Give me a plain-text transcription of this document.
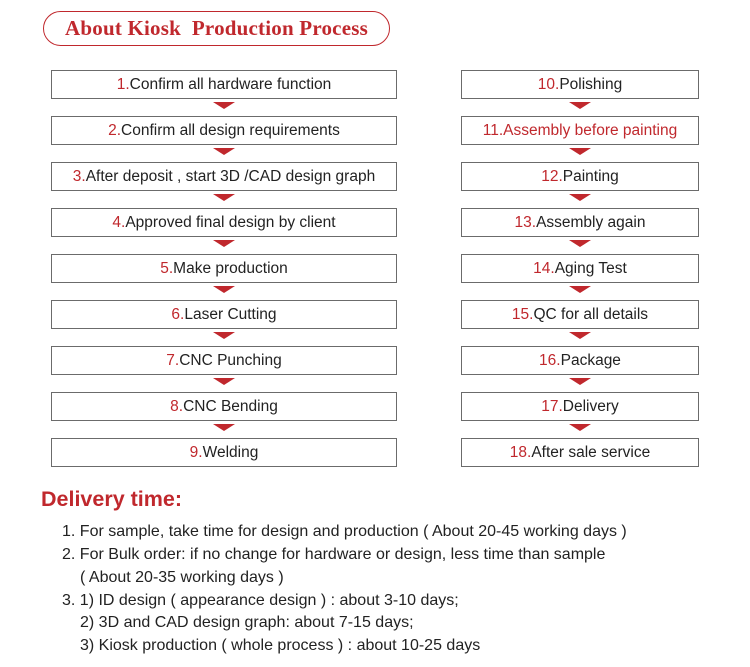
About Kiosk  Production Process
1. Confirm all hardware function
2. Confirm all design requirements
3. After deposit , start 3D /CAD design graph
4. Approved final design by client
5. Make production
6. Laser Cutting
7. CNC Punching
8. CNC Bending
9. Welding
10. Polishing
11. Assembly before painting
12. Painting
13. Assembly again
14. Aging Test
15. QC for all details
16. Package
17. Delivery
18. After sale service
Delivery time:
1. For sample, take time for design and production ( About 20-45 working days )
2. For Bulk order: if no change for hardware or design, less time than sample
( About 20-35 working days )
3. 1) ID design ( appearance design ) : about 3-10 days;
2) 3D and CAD design graph: about 7-15 days;
3) Kiosk production ( whole process ) : about 10-25 days
